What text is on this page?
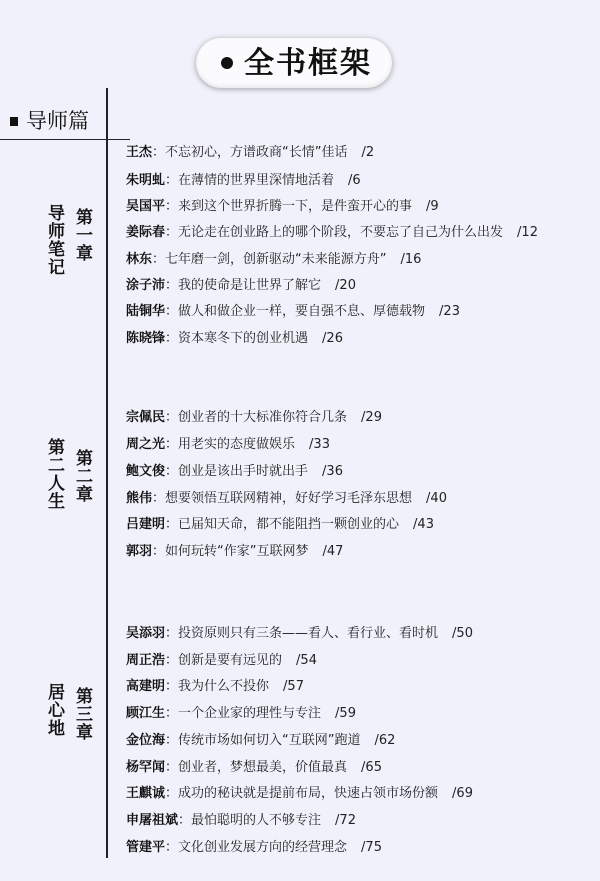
全书框架
导师篇
第一章
导师笔记
第二章
第二人生
第三章
居心地
王杰：不忘初心，方谱政商“长情”佳话 /2
朱明虬：在薄情的世界里深情地活着 /6
吴国平：来到这个世界折腾一下，是件蛮开心的事 /9
姜际春：无论走在创业路上的哪个阶段，不要忘了自己为什么出发 /12
林东：七年磨一剑，创新驱动“未来能源方舟” /16
涂子沛：我的使命是让世界了解它 /20
陆铜华：做人和做企业一样，要自强不息、厚德载物 /23
陈晓锋：资本寒冬下的创业机遇 /26
宗佩民：创业者的十大标准你符合几条 /29
周之光：用老实的态度做娱乐 /33
鲍文俊：创业是该出手时就出手 /36
熊伟：想要领悟互联网精神，好好学习毛泽东思想 /40
吕建明：已届知天命，都不能阻挡一颗创业的心 /43
郭羽：如何玩转“作家”互联网梦 /47
吴添羽：投资原则只有三条——看人、看行业、看时机 /50
周正浩：创新是要有远见的 /54
高建明：我为什么不投你 /57
顾江生：一个企业家的理性与专注 /59
金位海：传统市场如何切入“互联网”跑道 /62
杨罕闻：创业者，梦想最美，价值最真 /65
王麒诚：成功的秘诀就是提前布局，快速占领市场份额 /69
申屠祖斌：最怕聪明的人不够专注 /72
管建平：文化创业发展方向的经营理念 /75
